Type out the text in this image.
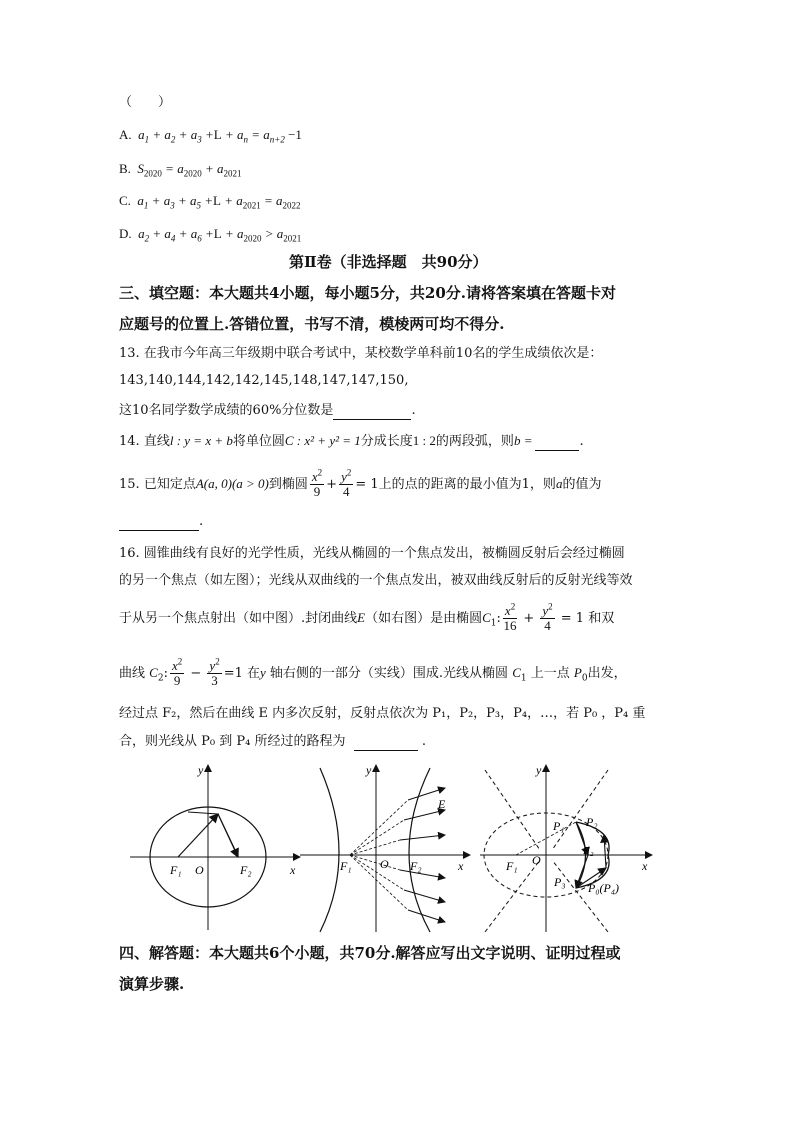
（　　）
A.  $a_1 + a_2 + a_3 +L + a_n = a_{n+2} -1$
B.  $S_{2020} = a_{2020} + a_{2021}$
C.  $a_1 + a_3 + a_5 +L + a_{2021} = a_{2022}$
D.  $a_2 + a_4 + a_6 +L + a_{2020} > a_{2021}$
第Ⅱ卷（非选择题　共90分）
三、填空题：本大题共4小题，每小题5分，共20分.请将答案填在答题卡对
应题号的位置上.答错位置，书写不清，模棱两可均不得分.
13. 在我市今年高三年级期中联合考试中，某校数学单科前10名的学生成绩依次是：
143,140,144,142,142,145,148,147,147,150,
这10名同学数学成绩的60%分位数是	.
14. 直线l : y = x + b将单位圆C : x² + y² = 1分成长度1 : 2的两段弧，则b =	.
15. 已知定点A(a, 0)(a > 0)到椭圆 $\frac{x^2}{9} + \frac{y^2}{4} = 1$上的点的距离的最小值为1，则a的值为
.
16. 圆锥曲线有良好的光学性质，光线从椭圆的一个焦点发出，被椭圆反射后会经过椭圆
的另一个焦点（如左图）；光线从双曲线的一个焦点发出，被双曲线反射后的反射光线等效
于从另一个焦点射出（如中图）.封闭曲线E（如右图）是由椭圆$C_1$: $\frac{x^2}{16} + \frac{y^2}{4} = 1$ 和双
曲线 $C_2$: $\frac{x^2}{9} - \frac{y^2}{3} =1$ 在y 轴右侧的一部分（实线）围成.光线从椭圆 $C_1$ 上一点 $P_0$出发，
经过点 F₂，然后在曲线 E 内多次反射，反射点依次为 P₁，P₂，P₃，P₄，…，若 P₀ ，P₄ 重
合，则光线从 P₀ 到 P₄ 所经过的路程为	.
F₁ O	F₂	x
y
F₁ O F₂
E
x
y
P₁ P₂
P₃ P₀(P₄)
F₁ O
F₂
x
y
四、解答题：本大题共6个小题，共70分.解答应写出文字说明、证明过程或
演算步骤.
